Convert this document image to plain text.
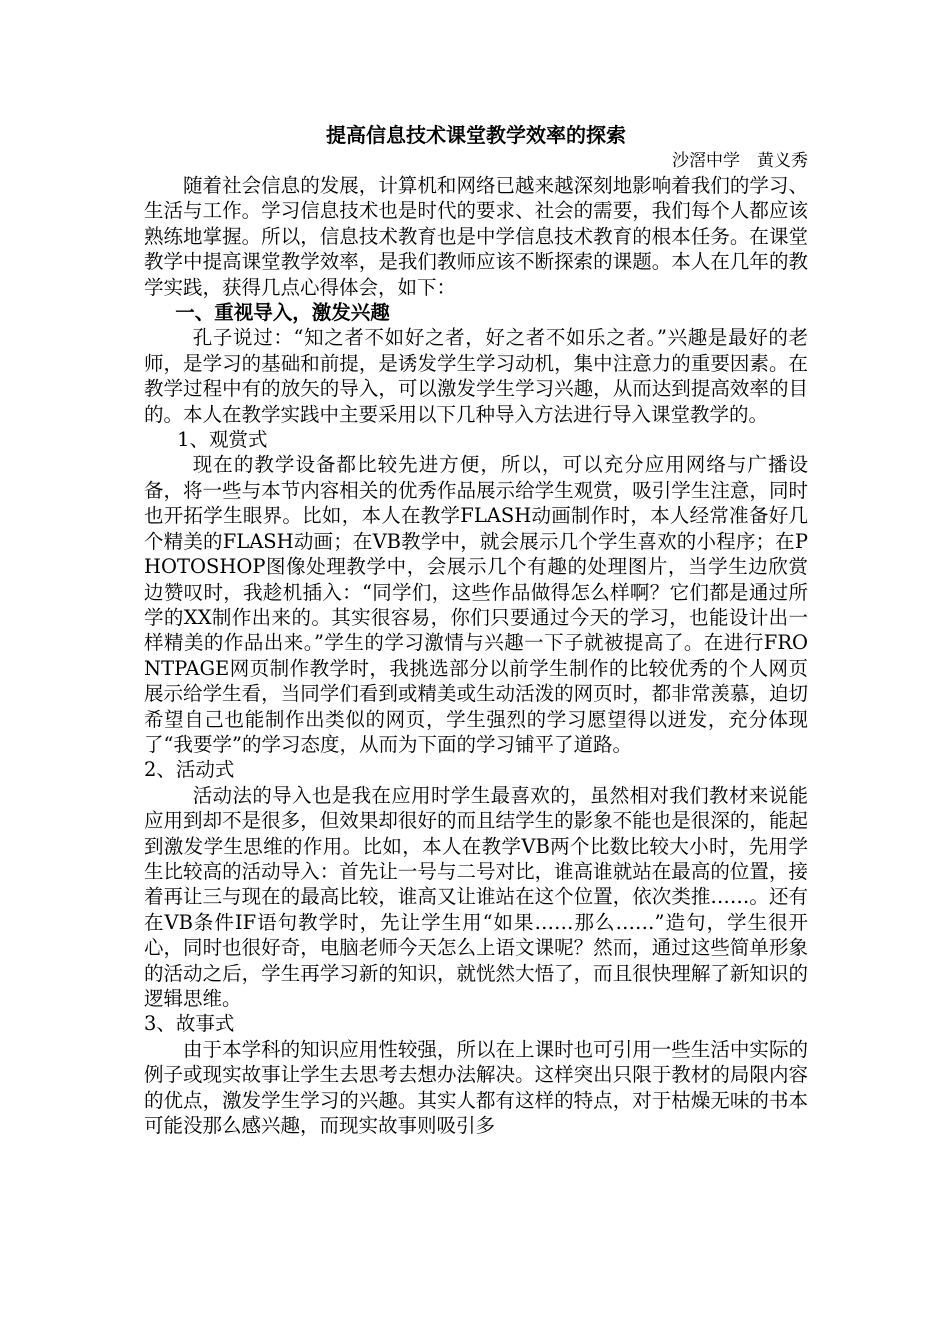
提高信息技术课堂教学效率的探索

沙滘中学　黄义秀

随着社会信息的发展，计算机和网络已越来越深刻地影响着我们的学习、生活与工作。学习信息技术也是时代的要求、社会的需要，我们每个人都应该熟练地掌握。所以，信息技术教育也是中学信息技术教育的根本任务。在课堂教学中提高课堂教学效率，是我们教师应该不断探索的课题。本人在几年的教学实践，获得几点心得体会，如下：

一、重视导入，激发兴趣

孔子说过：“知之者不如好之者，好之者不如乐之者。”兴趣是最好的老师，是学习的基础和前提，是诱发学生学习动机，集中注意力的重要因素。在教学过程中有的放矢的导入，可以激发学生学习兴趣，从而达到提高效率的目的。本人在教学实践中主要采用以下几种导入方法进行导入课堂教学的。

1、观赏式

现在的教学设备都比较先进方便，所以，可以充分应用网络与广播设备，将一些与本节内容相关的优秀作品展示给学生观赏，吸引学生注意，同时也开拓学生眼界。比如，本人在教学FLASH动画制作时，本人经常准备好几个精美的FLASH动画；在VB教学中，就会展示几个学生喜欢的小程序；在PHOTOSHOP图像处理教学中，会展示几个有趣的处理图片，当学生边欣赏边赞叹时，我趁机插入：“同学们，这些作品做得怎么样啊？它们都是通过所学的XX制作出来的。其实很容易，你们只要通过今天的学习，也能设计出一样精美的作品出来。”学生的学习激情与兴趣一下子就被提高了。在进行FRONTPAGE网页制作教学时，我挑选部分以前学生制作的比较优秀的个人网页展示给学生看，当同学们看到或精美或生动活泼的网页时，都非常羡慕，迫切希望自己也能制作出类似的网页，学生强烈的学习愿望得以迸发，充分体现了“我要学”的学习态度，从而为下面的学习铺平了道路。

2、活动式

活动法的导入也是我在应用时学生最喜欢的，虽然相对我们教材来说能应用到却不是很多，但效果却很好的而且结学生的影象不能也是很深的，能起到激发学生思维的作用。比如，本人在教学VB两个比数比较大小时，先用学生比较高的活动导入：首先让一号与二号对比，谁高谁就站在最高的位置，接着再让三与现在的最高比较，谁高又让谁站在这个位置，依次类推……。还有在VB条件IF语句教学时，先让学生用“如果……那么……”造句，学生很开心，同时也很好奇，电脑老师今天怎么上语文课呢？然而，通过这些简单形象的活动之后，学生再学习新的知识，就恍然大悟了，而且很快理解了新知识的逻辑思维。

3、故事式

由于本学科的知识应用性较强，所以在上课时也可引用一些生活中实际的例子或现实故事让学生去思考去想办法解决。这样突出只限于教材的局限内容的优点，激发学生学习的兴趣。其实人都有这样的特点，对于枯燥无味的书本可能没那么感兴趣，而现实故事则吸引多
